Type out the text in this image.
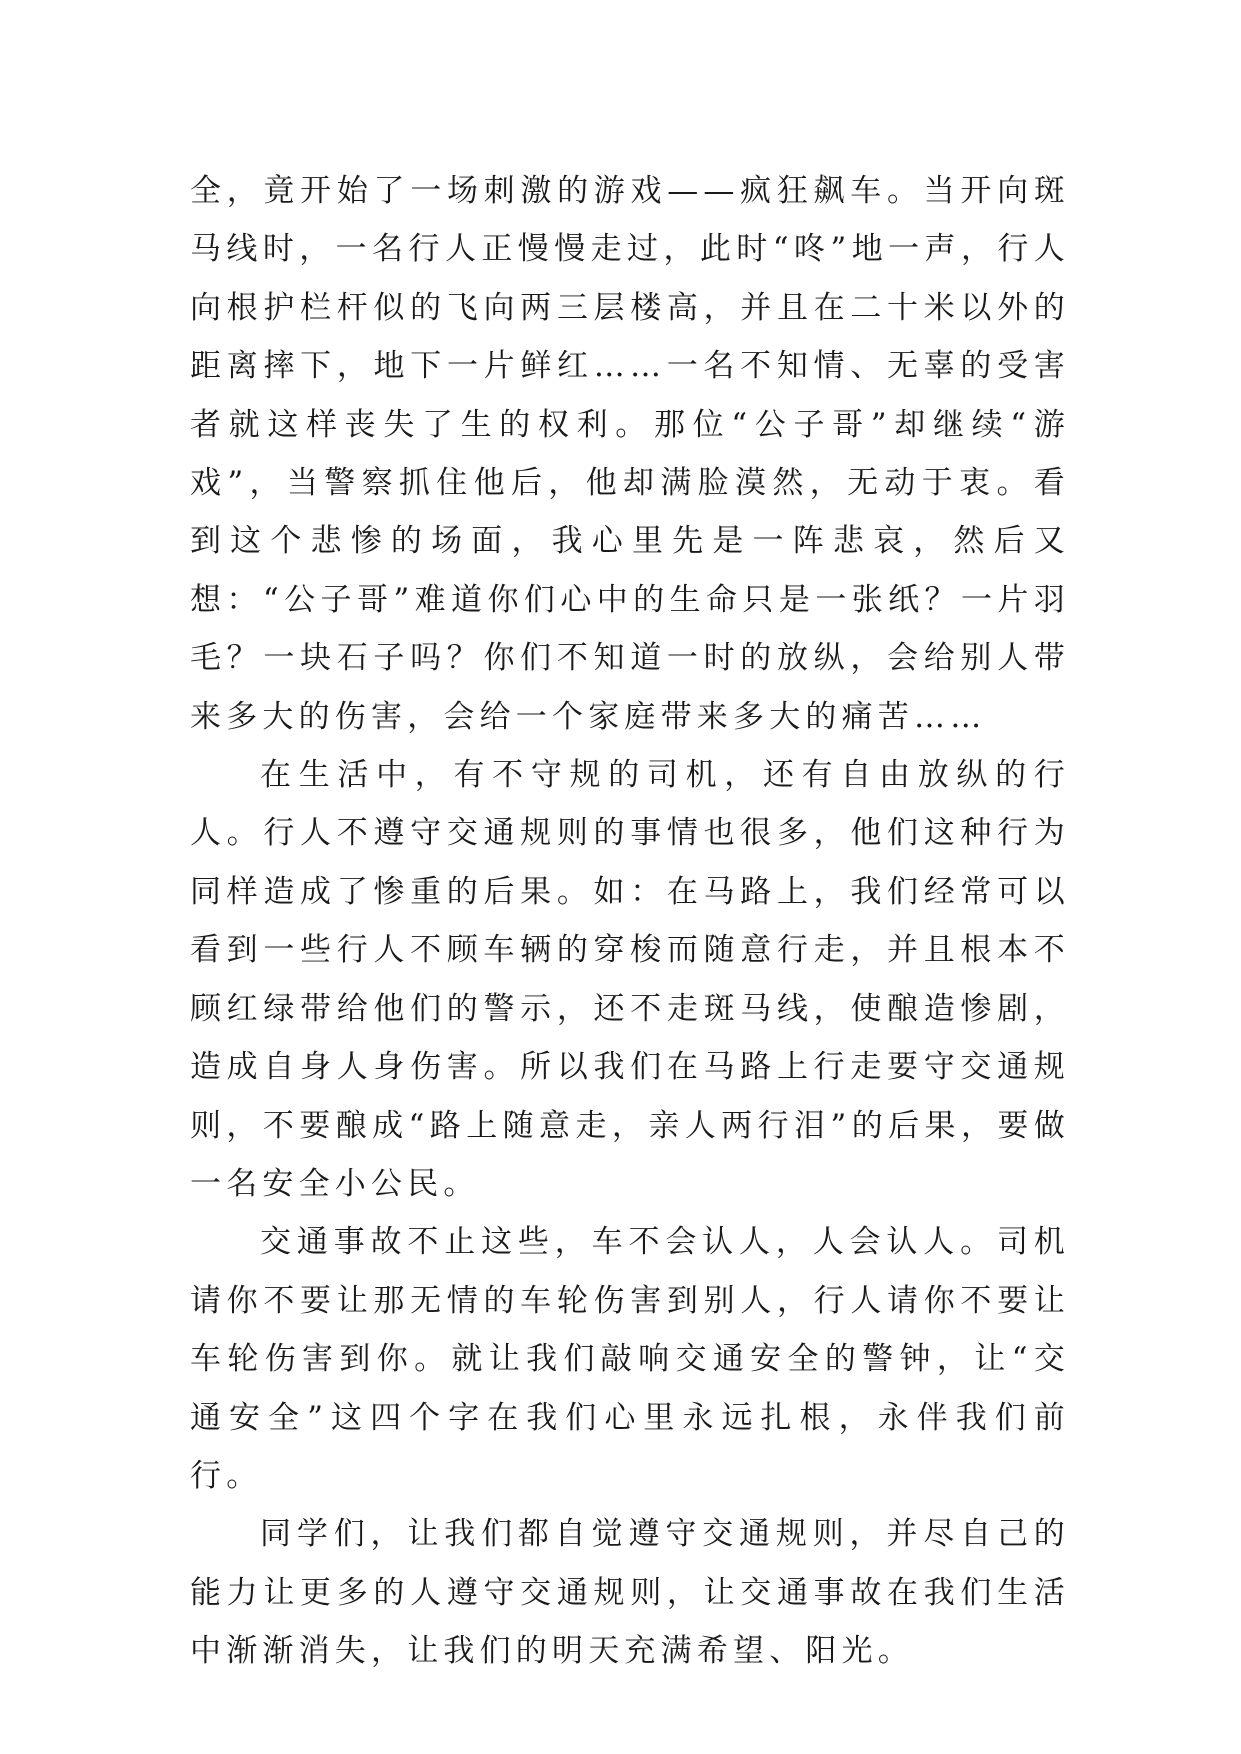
全，竟开始了一场刺激的游戏——疯狂飙车。当开向斑马线时，一名行人正慢慢走过，此时“咚”地一声，行人向根护栏杆似的飞向两三层楼高，并且在二十米以外的距离摔下，地下一片鲜红……一名不知情、无辜的受害者就这样丧失了生的权利。那位“公子哥”却继续“游戏”，当警察抓住他后，他却满脸漠然，无动于衷。看到这个悲惨的场面，我心里先是一阵悲哀，然后又想：“公子哥”难道你们心中的生命只是一张纸？一片羽毛？一块石子吗？你们不知道一时的放纵，会给别人带来多大的伤害，会给一个家庭带来多大的痛苦……

在生活中，有不守规的司机，还有自由放纵的行人。行人不遵守交通规则的事情也很多，他们这种行为同样造成了惨重的后果。如：在马路上，我们经常可以看到一些行人不顾车辆的穿梭而随意行走，并且根本不顾红绿带给他们的警示，还不走斑马线，使酿造惨剧，造成自身人身伤害。所以我们在马路上行走要守交通规则，不要酿成“路上随意走，亲人两行泪”的后果，要做一名安全小公民。

交通事故不止这些，车不会认人，人会认人。司机请你不要让那无情的车轮伤害到别人，行人请你不要让车轮伤害到你。就让我们敲响交通安全的警钟，让“交通安全”这四个字在我们心里永远扎根，永伴我们前行。

同学们，让我们都自觉遵守交通规则，并尽自己的能力让更多的人遵守交通规则，让交通事故在我们生活中渐渐消失，让我们的明天充满希望、阳光。
